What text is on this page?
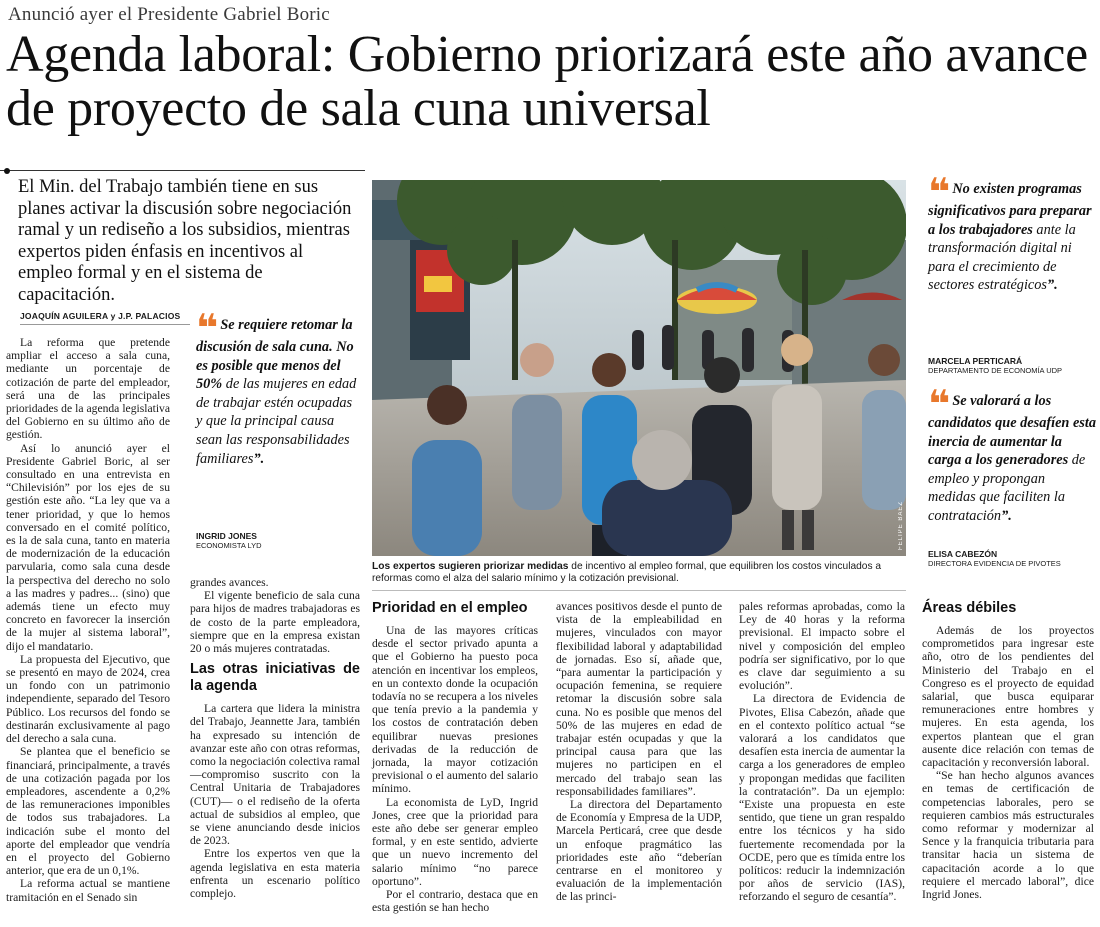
Anunció ayer el Presidente Gabriel Boric
Agenda laboral: Gobierno priorizará este año avance de proyecto de sala cuna universal
El Min. del Trabajo también tiene en sus planes activar la discusión sobre negociación ramal y un rediseño a los subsidios, mientras expertos piden énfasis en incentivos al empleo formal y en el sistema de capacitación.
JOAQUÍN AGUILERA y J.P. PALACIOS

La reforma que pretende ampliar el acceso a sala cuna, mediante un porcentaje de cotización de parte del empleador, será una de las principales prioridades de la agenda legislativa del Gobierno en su último año de gestión.

Así lo anunció ayer el Presidente Gabriel Boric, al ser consultado en una entrevista en “Chilevisión” por los ejes de su gestión este año. “La ley que va a tener prioridad, y que lo hemos conversado en el comité político, es la de sala cuna, tanto en materia de modernización de la educación parvularia, como sala cuna desde la perspectiva del derecho no solo a las madres y padres... (sino) que además tiene un efecto muy concreto en favorecer la inserción de la mujer al sistema laboral”, dijo el mandatario.

La propuesta del Ejecutivo, que se presentó en mayo de 2024, crea un fondo con un patrimonio independiente, separado del Tesoro Público. Los recursos del fondo se destinarán exclusivamente al pago del derecho a sala cuna.

Se plantea que el beneficio se financiará, principalmente, a través de una cotización pagada por los empleadores, ascendente a 0,2% de las remuneraciones imponibles de todos sus trabajadores. La indicación sube el monto del aporte del empleador que vendría en el proyecto del Gobierno anterior, que era de un 0,1%.

La reforma actual se mantiene tramitación en el Senado sin

❝ Se requiere retomar la discusión de sala cuna. No es posible que menos del 50% de las mujeres en edad de trabajar estén ocupadas y que la principal causa sean las responsabilidades familiares”.
INGRID JONES
ECONOMISTA LYD

grandes avances.

El vigente beneficio de sala cuna para hijos de madres trabajadoras es de costo de la parte empleadora, siempre que en la empresa existan 20 o más mujeres contratadas.

Las otras iniciativas de la agenda

La cartera que lidera la ministra del Trabajo, Jeannette Jara, también ha expresado su intención de avanzar este año con otras reformas, como la negociación colectiva ramal —compromiso suscrito con la Central Unitaria de Trabajadores (CUT)— o el rediseño de la oferta actual de subsidios al empleo, que se viene anunciando desde inicios de 2023.

Entre los expertos ven que la agenda legislativa en esta materia enfrenta un escenario político complejo.

FELIPE BAEZ
Los expertos sugieren priorizar medidas de incentivo al empleo formal, que equilibren los costos vinculados a reformas como el alza del salario mínimo y la cotización previsional.
Prioridad en el empleo

Una de las mayores críticas desde el sector privado apunta a que el Gobierno ha puesto poca atención en incentivar los empleos, en un contexto donde la ocupación todavía no se recupera a los niveles que tenía previo a la pandemia y los costos de contratación deben equilibrar nuevas presiones derivadas de la reducción de jornada, la mayor cotización previsional o el aumento del salario mínimo.

La economista de LyD, Ingrid Jones, cree que la prioridad para este año debe ser generar empleo formal, y en este sentido, advierte que un nuevo incremento del salario mínimo “no parece oportuno”.

Por el contrario, destaca que en esta gestión se han hecho

avances positivos desde el punto de vista de la empleabilidad en mujeres, vinculados con mayor flexibilidad laboral y adaptabilidad de jornadas. Eso sí, añade que, “para aumentar la participación y ocupación femenina, se requiere retomar la discusión sobre sala cuna. No es posible que menos del 50% de las mujeres en edad de trabajar estén ocupadas y que la principal causa para que las mujeres no participen en el mercado del trabajo sean las responsabilidades familiares”.

La directora del Departamento de Economía y Empresa de la UDP, Marcela Perticará, cree que desde un enfoque pragmático las prioridades este año “deberían centrarse en el monitoreo y evaluación de la implementación de las princi-

pales reformas aprobadas, como la Ley de 40 horas y la reforma previsional. El impacto sobre el nivel y composición del empleo podría ser significativo, por lo que es clave dar seguimiento a su evolución”.

La directora de Evidencia de Pivotes, Elisa Cabezón, añade que en el contexto político actual “se valorará a los candidatos que desafíen esta inercia de aumentar la carga a los generadores de empleo y propongan medidas que faciliten la contratación”. Da un ejemplo: “Existe una propuesta en este sentido, que tiene un gran respaldo entre los técnicos y ha sido fuertemente recomendada por la OCDE, pero que es tímida entre los políticos: reducir la indemnización por años de servicio (IAS), reforzando el seguro de cesantía”.

❝ No existen programas significativos para preparar a los trabajadores ante la transformación digital ni para el crecimiento de sectores estratégicos”.
MARCELA PERTICARÁ
DEPARTAMENTO DE ECONOMÍA UDP
❝ Se valorará a los candidatos que desafíen esta inercia de aumentar la carga a los generadores de empleo y propongan medidas que faciliten la contratación”.
ELISA CABEZÓN
DIRECTORA EVIDENCIA DE PIVOTES
Áreas débiles

Además de los proyectos comprometidos para ingresar este año, otro de los pendientes del Ministerio del Trabajo en el Congreso es el proyecto de equidad salarial, que busca equiparar remuneraciones entre hombres y mujeres. En esta agenda, los expertos plantean que el gran ausente dice relación con temas de capacitación y reconversión laboral.

“Se han hecho algunos avances en temas de certificación de competencias laborales, pero se requieren cambios más estructurales como reformar y modernizar al Sence y la franquicia tributaria para transitar hacia un sistema de capacitación acorde a lo que requiere el mercado laboral”, dice Ingrid Jones.
